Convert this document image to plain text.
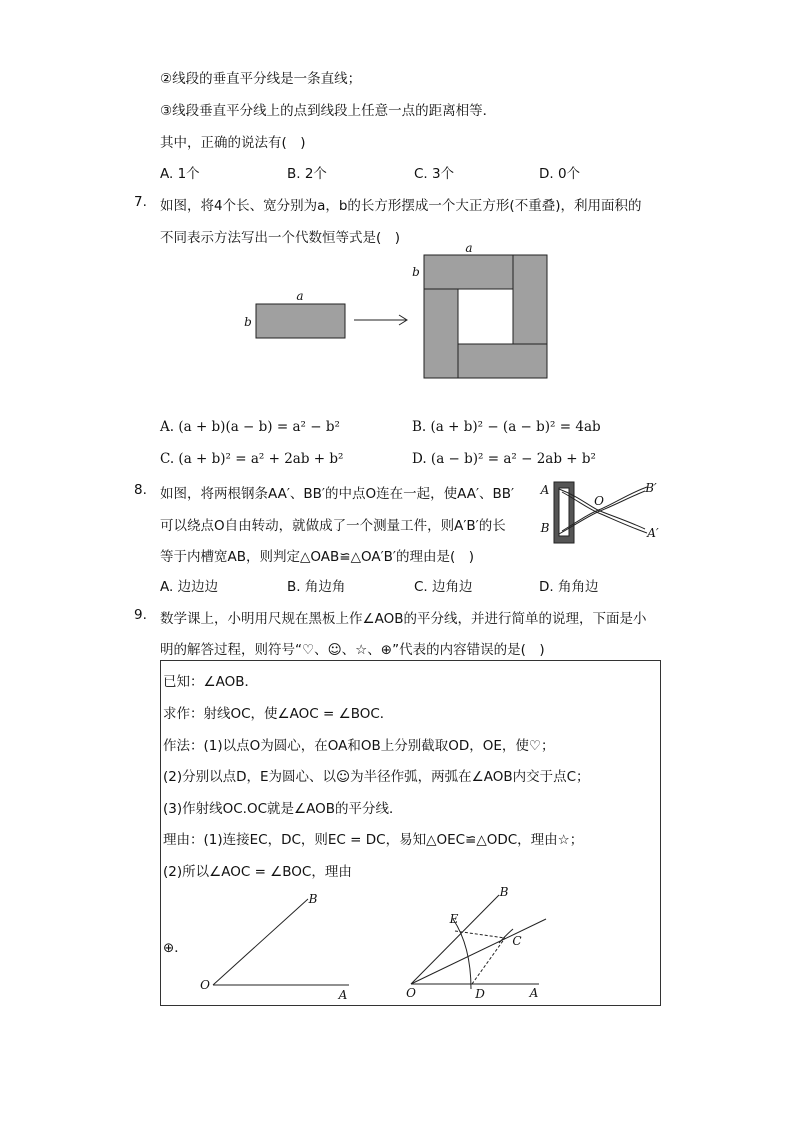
②线段的垂直平分线是一条直线；
③线段垂直平分线上的点到线段上任意一点的距离相等．
其中，正确的说法有(　)
A. 1个	B. 2个	C. 3个	D. 0个
7. 如图，将4个长、宽分别为a，b的长方形摆成一个大正方形(不重叠)，利用面积的
不同表示方法写出一个代数恒等式是(　)
a
b
a
b
A. (a + b)(a − b) = a² − b²	B. (a + b)² − (a − b)² = 4ab
C. (a + b)² = a² + 2ab + b²	D. (a − b)² = a² − 2ab + b²
8. 如图，将两根钢条AA′、BB′的中点O连在一起，使AA′、BB′
可以绕点O自由转动，就做成了一个测量工件，则A′B′的长
等于内槽宽AB，则判定△OAB≌△OA′B′的理由是(　)
A
B
O
B′
A′
A. 边边边	B. 角边角	C. 边角边	D. 角角边
9. 数学课上，小明用尺规在黑板上作∠AOB的平分线，并进行简单的说理，下面是小
明的解答过程，则符号“♡、☺、☆、⊕”代表的内容错误的是(　)
已知：∠AOB．
求作：射线OC，使∠AOC = ∠BOC．
作法：(1)以点O为圆心，在OA和OB上分别截取OD，OE，使♡；
(2)分别以点D，E为圆心、以☺为半径作弧，两弧在∠AOB内交于点C；
(3)作射线OC.OC就是∠AOB的平分线．
理由：(1)连接EC，DC，则EC = DC，易知△OEC≌△ODC，理由☆；
(2)所以∠AOC = ∠BOC，理由
⊕．
O
A
B
O	A
B
E
C
D
